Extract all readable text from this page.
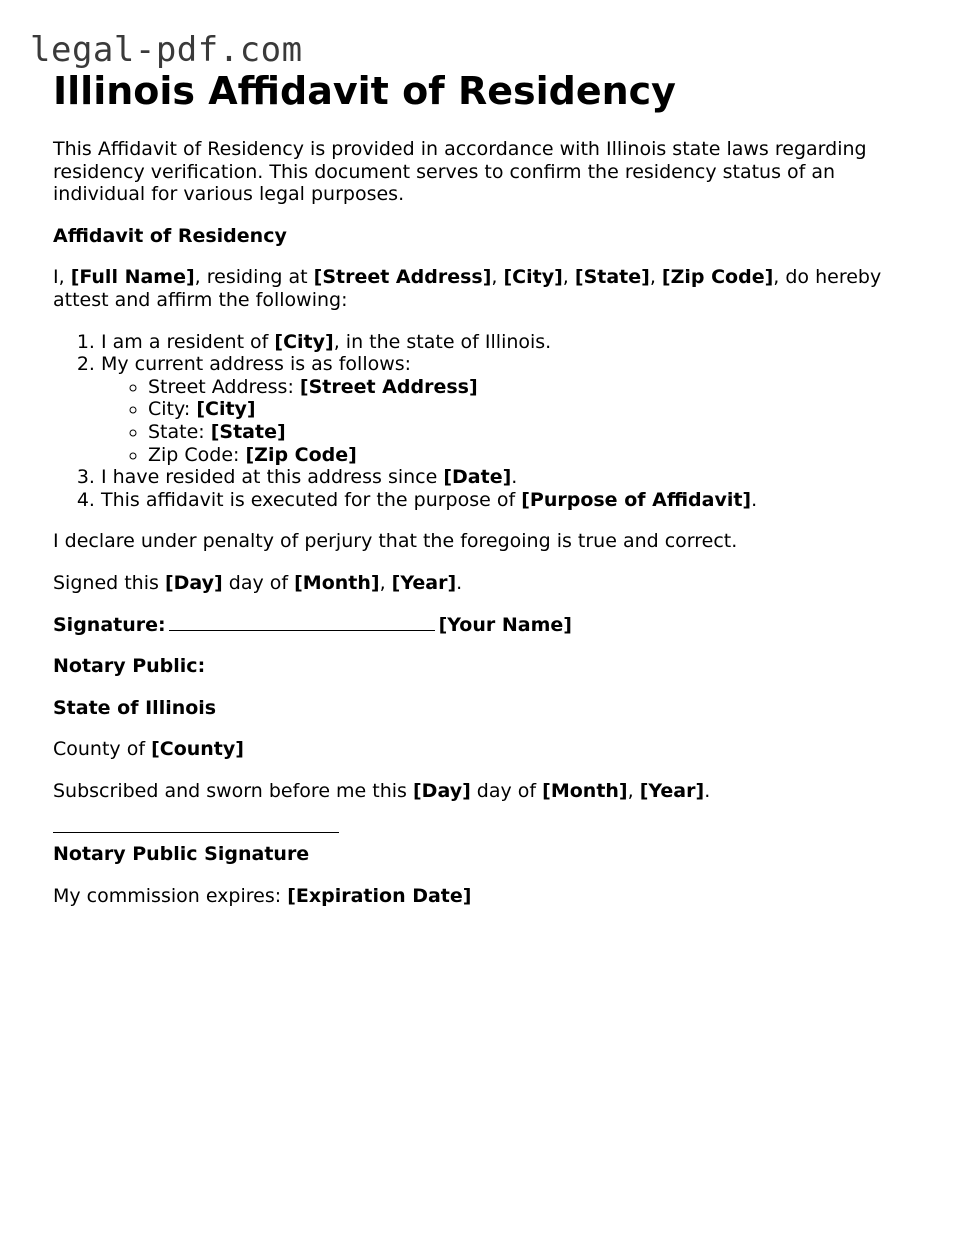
legal-pdf.com
Illinois Affidavit of Residency

This Affidavit of Residency is provided in accordance with Illinois state laws regarding residency verification. This document serves to confirm the residency status of an individual for various legal purposes.

Affidavit of Residency

I, [Full Name], residing at [Street Address], [City], [State], [Zip Code], do hereby attest and affirm the following:

1. I am a resident of [City], in the state of Illinois.
2. My current address is as follows:
◦ Street Address: [Street Address]
◦ City: [City]
◦ State: [State]
◦ Zip Code: [Zip Code]
3. I have resided at this address since [Date].
4. This affidavit is executed for the purpose of [Purpose of Affidavit].

I declare under penalty of perjury that the foregoing is true and correct.

Signed this [Day] day of [Month], [Year].

Signature:	[Your Name]

Notary Public:

State of Illinois

County of [County]

Subscribed and sworn before me this [Day] day of [Month], [Year].

Notary Public Signature

My commission expires: [Expiration Date]
